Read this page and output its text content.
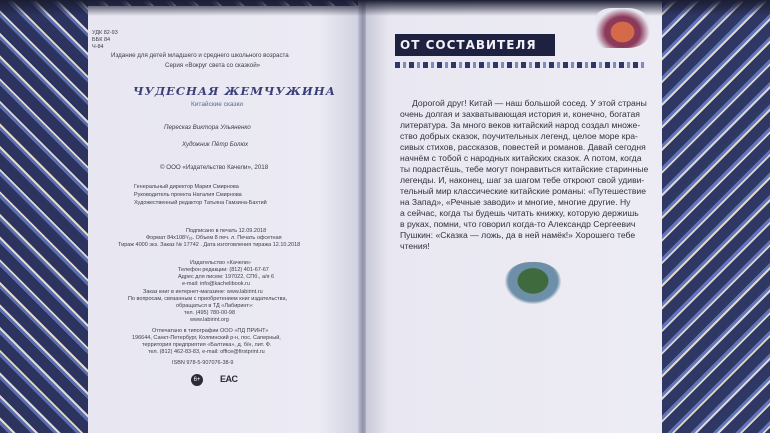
УДК 82-93
ББК 84
Ч-84
Издание для детей младшего и среднего школьного возраста
Серия «Вокруг света со сказкой»
ЧУДЕСНАЯ ЖЕМЧУЖИНА
Китайские сказки
Пересказ Виктора Ульяненко
Художник Пётр Болюх
© ООО «Издательство Качели», 2018
Генеральный директор Мария Смирнова
Руководитель проекта Наталия Смирнова
Художественный редактор Татьяна Гамзина-Бахтий
Подписано в печать 12.09.2018
Формат 84х108¹/₁₆. Объем 8 печ. л. Печать офсетная
Тираж 4000 экз. Заказ № 17742 . Дата изготовления тиража 12.10.2018
Издательство «Качели»
Телефон редакции: (812) 401-67-67
Адрес для писем: 197022, СПб., а/я 6
e-mail: info@kachelibook.ru
Заказ книг в интернет-магазине: www.labirint.ru
По вопросам, связанным с приобретением книг издательства,
обращаться в ТД «Лабиринт»:
тел. (495) 780-00-98
www.labirint.org
Отпечатано в типографии ООО «ПД ПРИНТ»
196644, Санкт-Петербург, Колпинский р-н, пос. Саперный,
территория предприятия «Балтика», д. б/н, лит. Ф.
тел. (812) 462-83-83, e-mail: office@firstprint.ru
ISBN 978-5-907076-38-9
6+ EAC
ОТ СОСТАВИТЕЛЯ
Дорогой друг! Китай — наш большой сосед. У этой страны
очень долгая и захватывающая история и, конечно, богатая
литература. За много веков китайский народ создал множе-
ство добрых сказок, поучительных легенд, целое море кра-
сивых стихов, рассказов, повестей и романов. Давай сегодня
начнём с тобой с народных китайских сказок. А потом, когда
ты подрастёшь, тебе могут понравиться китайские старинные
легенды. И, наконец, шаг за шагом тебе откроют свой удиви-
тельный мир классические китайские романы: «Путешествие
на Запад», «Речные заводи» и многие, многие другие. Ну
а сейчас, когда ты будешь читать книжку, которую держишь
в руках, помни, что говорил когда-то Александр Сергеевич
Пушкин: «Сказка — ложь, да в ней намёк!» Хорошего тебе
чтения!
